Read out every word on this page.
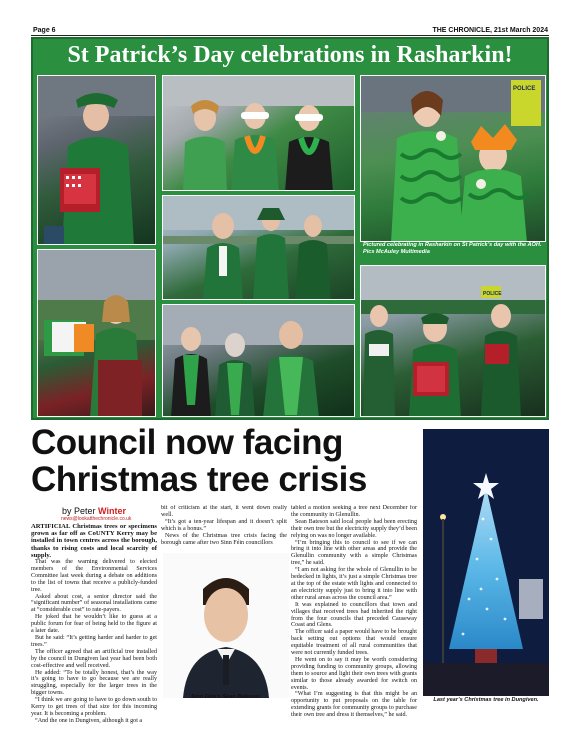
Page 6	THE CHRONICLE, 21st March 2024
St Patrick’s Day celebrations in Rasharkin!
POLICE
POLICE
Pictured celebrating in Rasharkin on St Patrick’s day with the AOH. Pics McAuley Multimedia
Council now facing
Christmas tree crisis
by Peter Winter
news@lookatthechronicle.co.uk

ARTIFICIAL Christmas trees or specimens grown as far off as CoUNTY Kerry may be installed in town centres across the borough, thanks to rising costs and local scarcity of supply.

That was the warning delivered to elected members of the Environmental Services Committee last week during a debate on additions to the list of towns that receive a publicly-funded tree.

Asked about cost, a senior director said the “significant number” of seasonal installations came at “considerable cost” to rate-payers.

He joked that he wouldn’t like to guess at a public forum for fear of being held to the figure at a later date.

But he said: “It’s getting harder and harder to get trees.”

The officer agreed that an artificial tree installed by the council in Dungiven last year had been both cost-effective and well received.

He added: “To be totally honest, that’s the way it’s going to have to go because we are really struggling, especially for the larger trees in the bigger towns.

“I think we are going to have to go down south to Kerry to get trees of that size for this incoming year. It is becoming a problem.

“And the one in Dungiven, although it got a

bit of criticism at the start, it went down really well.

“It’s got a ten-year lifespan and it doesn’t split which is a bonus.”

News of the Christmas tree crisis facing the borough came after two Sinn Féin councillors

Sinn Féin’s Sean Bateson.

tabled a motion seeking a tree next December for the community in Glenullin.

Sean Bateson said local people had been erecting their own tree but the electricity supply they’d been relying on was no longer available.

“I’m bringing this to council to see if we can bring it into line with other areas and provide the Glenullin community with a simple Christmas tree,” he said.

“I am not asking for the whole of Glenullin to be bedecked in lights, it’s just a simple Christmas tree at the top of the estate with lights and connected to an electricity supply just to bring it into line with other rural areas across the council area.”

It was explained to councillors that town and villages that received trees had inherited the right from the four councils that preceded Causeway Coast and Glens.

The officer said a paper would have to be brought back setting out options that would ensure equitable treatment of all rural communities that were not currently funded trees.

He went on to say it may be worth considering providing funding to community groups, allowing them to source and light their own trees with grants similar to those already awarded for switch on events.

“What I’m suggesting is that this might be an opportunity to put proposals on the table for extending grants for community groups to purchase their own tree and dress it themselves,” he said.

Last year’s Christmas tree in Dungiven.
